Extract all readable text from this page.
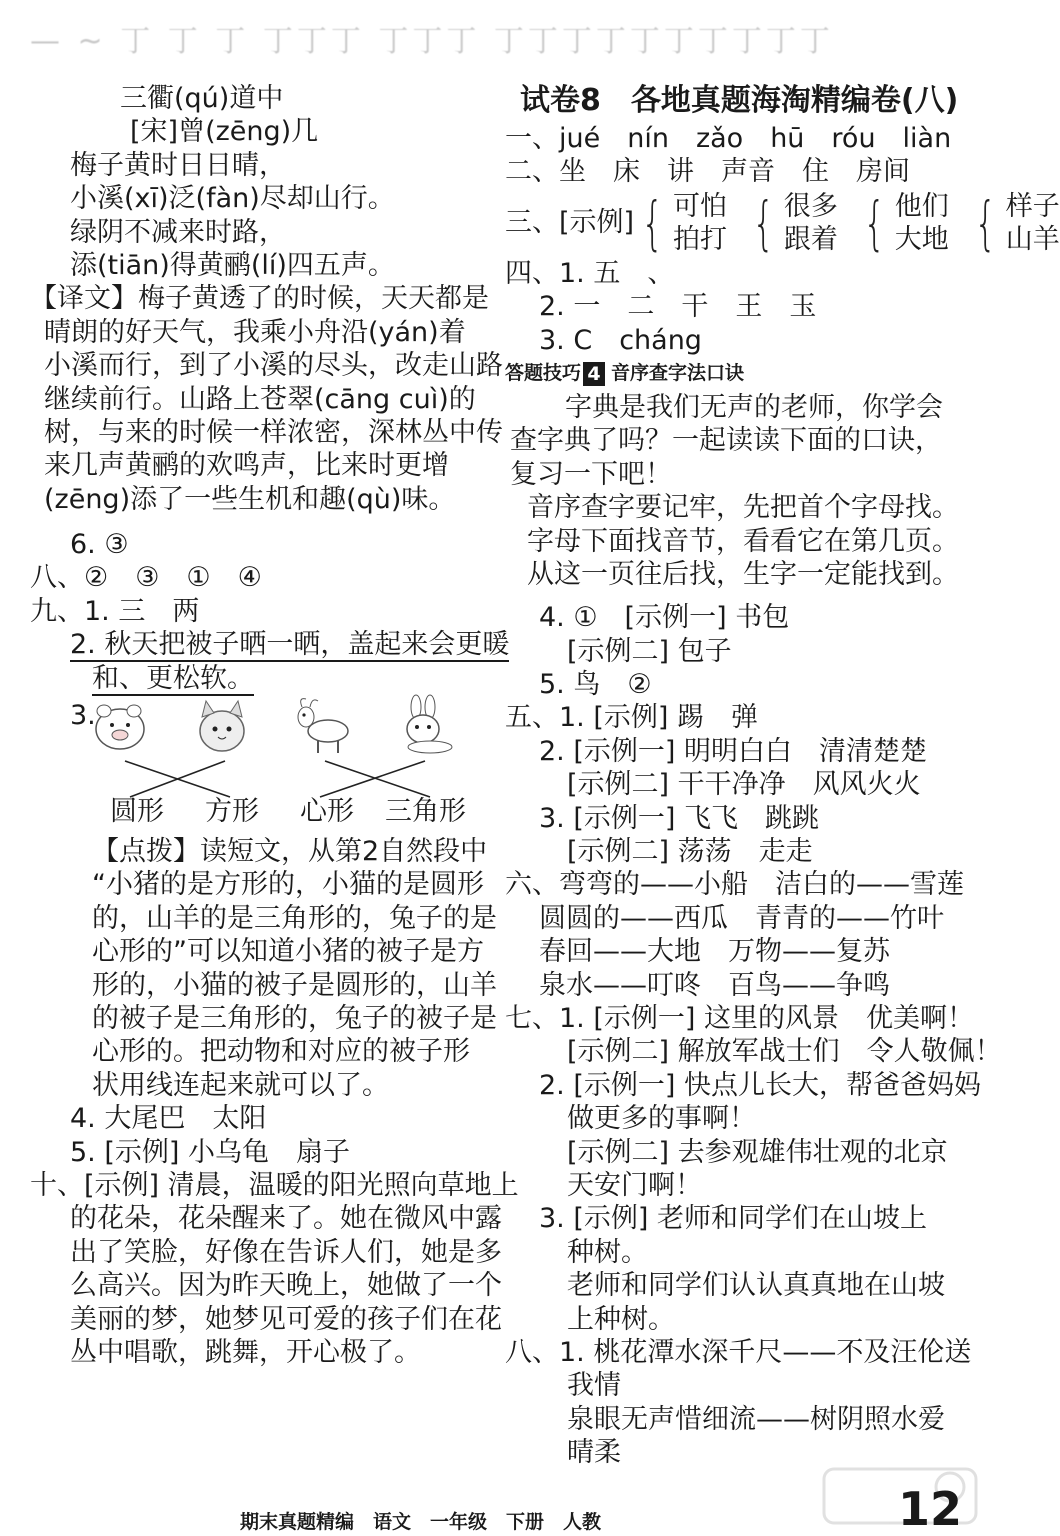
— ~ 丁 丁 丁 丁丁丁 丁丁丁 丁丁丁丁丁丁丁丁丁丁
三衢(qú)道中
[宋]曾(zēng)几
梅子黄时日日晴，
小溪(xī)泛(fàn)尽却山行。
绿阴不减来时路，
添(tiān)得黄鹂(lí)四五声。
【译文】梅子黄透了的时候，天天都是
晴朗的好天气，我乘小舟沿(yán)着
小溪而行，到了小溪的尽头，改走山路
继续前行。山路上苍翠(cāng cuì)的
树，与来的时候一样浓密，深林丛中传
来几声黄鹂的欢鸣声，比来时更增
(zēng)添了一些生机和趣(qù)味。
6. ③
八、②　③　①　④
九、1. 三　两
2. 秋天把被子晒一晒，盖起来会更暖
和、更松软。
3.
圆形	方形	心形	三角形
【点拨】读短文，从第2自然段中
“小猪的是方形的，小猫的是圆形
的，山羊的是三角形的，兔子的是
心形的”可以知道小猪的被子是方
形的，小猫的被子是圆形的，山羊
的被子是三角形的，兔子的被子是
心形的。把动物和对应的被子形
状用线连起来就可以了。
4. 大尾巴　太阳
5. [示例] 小乌龟　扇子
十、[示例] 清晨，温暖的阳光照向草地上
的花朵，花朵醒来了。她在微风中露
出了笑脸，好像在告诉人们，她是多
么高兴。因为昨天晚上，她做了一个
美丽的梦，她梦见可爱的孩子们在花
丛中唱歌，跳舞，开心极了。
试卷8　各地真题海淘精编卷(八)
一、jué　nín　zǎo　hū　róu　liàn
二、坐　床　讲　声音　住　房间
三、[示例] { 可怕
拍打 { 很多
跟着 { 他们
大地 { 样子
山羊
四、1. 五　、
2. 一　二　干　王　玉
3. C　cháng
答题技巧 4 音序查字法口诀
字典是我们无声的老师，你学会
查字典了吗？一起读读下面的口诀，
复习一下吧！
音序查字要记牢，先把首个字母找。
字母下面找音节，看看它在第几页。
从这一页往后找，生字一定能找到。
4. ①　[示例一] 书包
[示例二] 包子
5. 鸟　②
五、1. [示例] 踢　弹
2. [示例一] 明明白白　清清楚楚
[示例二] 干干净净　风风火火
3. [示例一] 飞飞　跳跳
[示例二] 荡荡　走走
六、弯弯的——小船　洁白的——雪莲
圆圆的——西瓜　青青的——竹叶
春回——大地　万物——复苏
泉水——叮咚　百鸟——争鸣
七、1. [示例一] 这里的风景　优美啊！
[示例二] 解放军战士们　令人敬佩！
2. [示例一] 快点儿长大，帮爸爸妈妈
做更多的事啊！
[示例二] 去参观雄伟壮观的北京
天安门啊！
3. [示例] 老师和同学们在山坡上
种树。
老师和同学们认认真真地在山坡
上种树。
八、1. 桃花潭水深千尺——不及汪伦送
我情
泉眼无声惜细流——树阴照水爱
晴柔
期末真题精编　语文　一年级　下册　人教	12
